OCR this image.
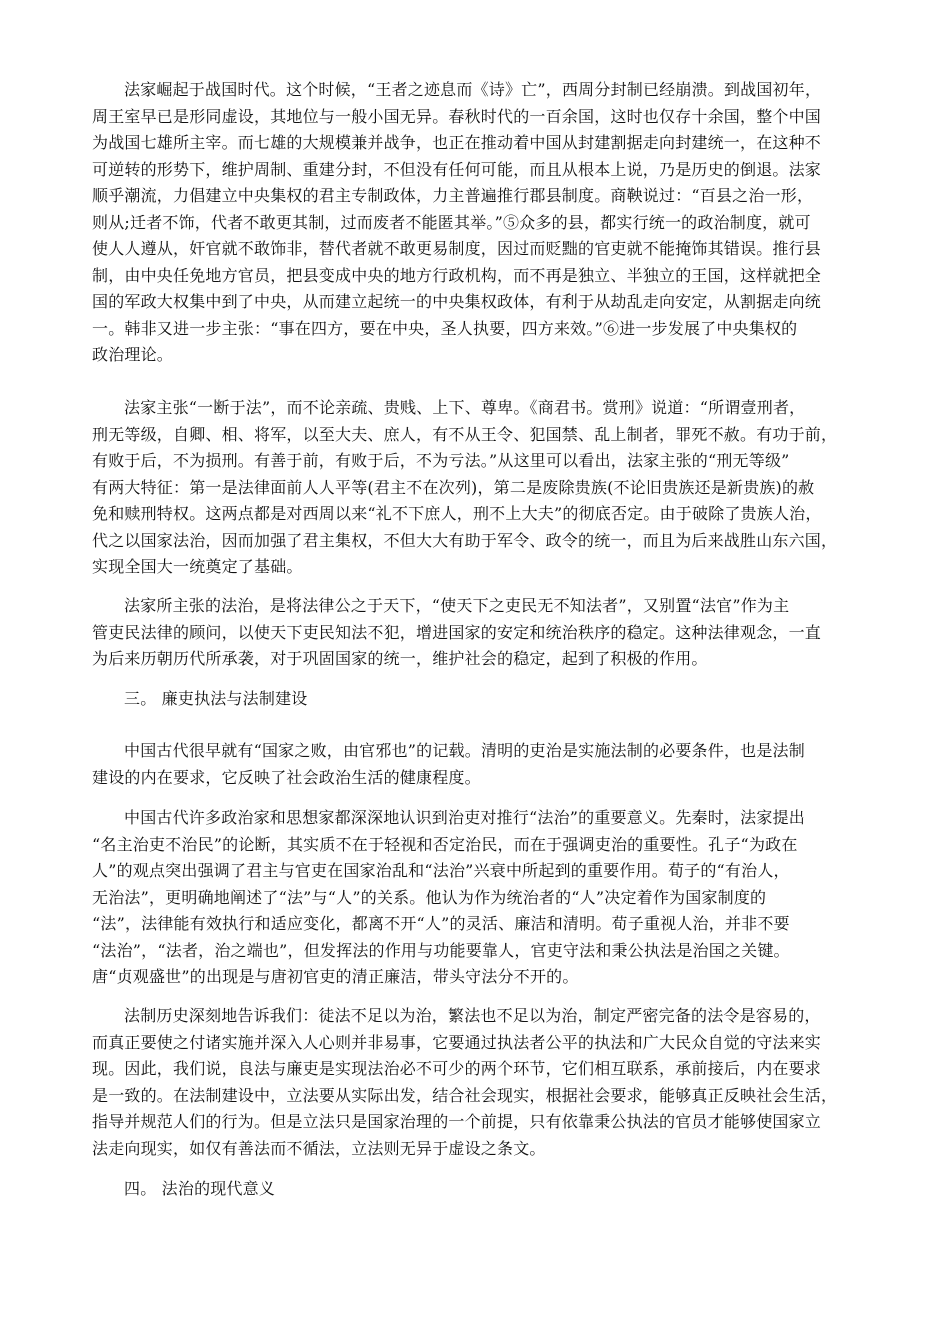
法家崛起于战国时代。这个时候，“王者之迹息而《诗》亡”，西周分封制已经崩溃。到战国初年，
周王室早已是形同虚设，其地位与一般小国无异。春秋时代的一百余国，这时也仅存十余国，整个中国
为战国七雄所主宰。而七雄的大规模兼并战争，也正在推动着中国从封建割据走向封建统一，在这种不
可逆转的形势下，维护周制、重建分封，不但没有任何可能，而且从根本上说，乃是历史的倒退。法家
顺乎潮流，力倡建立中央集权的君主专制政体，力主普遍推行郡县制度。商鞅说过：“百县之治一形，
则从;迁者不饰，代者不敢更其制，过而废者不能匿其举。”⑤众多的县，都实行统一的政治制度，就可
使人人遵从，奸官就不敢饰非，替代者就不敢更易制度，因过而贬黜的官吏就不能掩饰其错误。推行县
制，由中央任免地方官员，把县变成中央的地方行政机构，而不再是独立、半独立的王国，这样就把全
国的军政大权集中到了中央，从而建立起统一的中央集权政体，有利于从劫乱走向安定，从割据走向统
一。韩非又进一步主张：“事在四方，要在中央，圣人执要，四方来效。”⑥进一步发展了中央集权的
政治理论。
法家主张“一断于法”，而不论亲疏、贵贱、上下、尊卑。《商君书。赏刑》说道：“所谓壹刑者，
刑无等级，自卿、相、将军，以至大夫、庶人，有不从王令、犯国禁、乱上制者，罪死不赦。有功于前，
有败于后，不为损刑。有善于前，有败于后，不为亏法。”从这里可以看出，法家主张的“刑无等级”
有两大特征：第一是法律面前人人平等(君主不在次列)，第二是废除贵族(不论旧贵族还是新贵族)的赦
免和赎刑特权。这两点都是对西周以来“礼不下庶人，刑不上大夫”的彻底否定。由于破除了贵族人治，
代之以国家法治，因而加强了君主集权，不但大大有助于军令、政令的统一，而且为后来战胜山东六国，
实现全国大一统奠定了基础。
法家所主张的法治，是将法律公之于天下，“使天下之吏民无不知法者”，又别置“法官”作为主
管吏民法律的顾问，以使天下吏民知法不犯，增进国家的安定和统治秩序的稳定。这种法律观念，一直
为后来历朝历代所承袭，对于巩固国家的统一，维护社会的稳定，起到了积极的作用。
三。 廉吏执法与法制建设
中国古代很早就有“国家之败，由官邪也”的记载。清明的吏治是实施法制的必要条件，也是法制
建设的内在要求，它反映了社会政治生活的健康程度。
中国古代许多政治家和思想家都深深地认识到治吏对推行“法治”的重要意义。先秦时，法家提出
“名主治吏不治民”的论断，其实质不在于轻视和否定治民，而在于强调吏治的重要性。孔子“为政在
人”的观点突出强调了君主与官吏在国家治乱和“法治”兴衰中所起到的重要作用。荀子的“有治人，
无治法”，更明确地阐述了“法”与“人”的关系。他认为作为统治者的“人”决定着作为国家制度的
“法”，法律能有效执行和适应变化，都离不开“人”的灵活、廉洁和清明。荀子重视人治，并非不要
“法治”，“法者，治之端也”，但发挥法的作用与功能要靠人，官吏守法和秉公执法是治国之关键。
唐“贞观盛世”的出现是与唐初官吏的清正廉洁，带头守法分不开的。
法制历史深刻地告诉我们：徒法不足以为治，繁法也不足以为治，制定严密完备的法令是容易的，
而真正要使之付诸实施并深入人心则并非易事，它要通过执法者公平的执法和广大民众自觉的守法来实
现。因此，我们说，良法与廉吏是实现法治必不可少的两个环节，它们相互联系，承前接后，内在要求
是一致的。在法制建设中，立法要从实际出发，结合社会现实，根据社会要求，能够真正反映社会生活，
指导并规范人们的行为。但是立法只是国家治理的一个前提，只有依靠秉公执法的官员才能够使国家立
法走向现实，如仅有善法而不循法，立法则无异于虚设之条文。
四。 法治的现代意义
